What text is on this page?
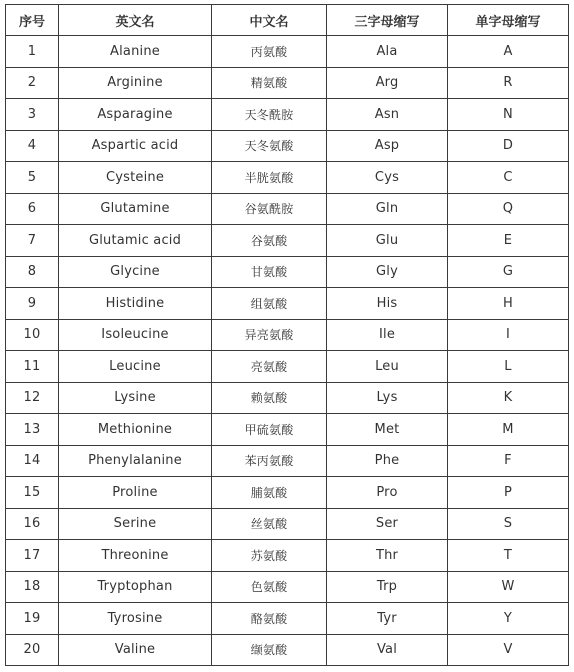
序号	英文名	中文名	三字母缩写	单字母缩写
1	Alanine	丙氨酸	Ala	A
2	Arginine	精氨酸	Arg	R
3	Asparagine	天冬酰胺	Asn	N
4	Aspartic acid	天冬氨酸	Asp	D
5	Cysteine	半胱氨酸	Cys	C
6	Glutamine	谷氨酰胺	Gln	Q
7	Glutamic acid	谷氨酸	Glu	E
8	Glycine	甘氨酸	Gly	G
9	Histidine	组氨酸	His	H
10	Isoleucine	异亮氨酸	Ile	I
11	Leucine	亮氨酸	Leu	L
12	Lysine	赖氨酸	Lys	K
13	Methionine	甲硫氨酸	Met	M
14	Phenylalanine	苯丙氨酸	Phe	F
15	Proline	脯氨酸	Pro	P
16	Serine	丝氨酸	Ser	S
17	Threonine	苏氨酸	Thr	T
18	Tryptophan	色氨酸	Trp	W
19	Tyrosine	酪氨酸	Tyr	Y
20	Valine	缬氨酸	Val	V
